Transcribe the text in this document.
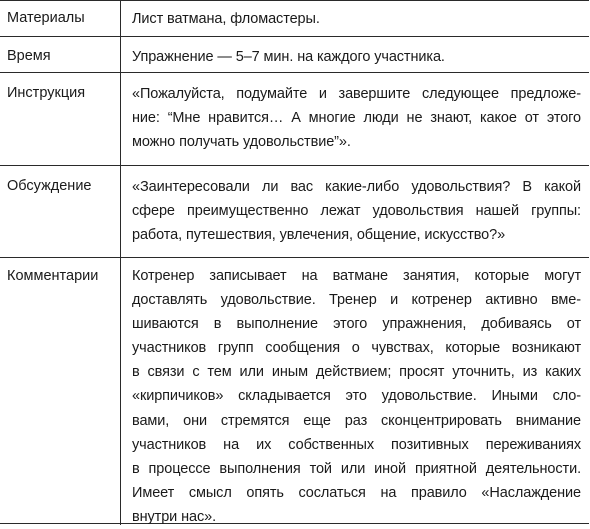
Материалы	Лист ватмана, фломастеры.
Время	Упражнение — 5–7 мин. на каждого участника.
Инструкция	«Пожалуйста, подумайте и завершите следующее предложе-
ние: “Мне нравится… А многие люди не знают, какое от этого
можно получать удовольствие”».
Обсуждение	«Заинтересовали ли вас какие-либо удовольствия? В какой
сфере преимущественно лежат удовольствия нашей группы:
работа, путешествия, увлечения, общение, искусство?»
Комментарии Котренер записывает на ватмане занятия, которые могут
доставлять удовольствие. Тренер и котренер активно вме-
шиваются в выполнение этого упражнения, добиваясь от
участников групп сообщения о чувствах, которые возникают
в связи с тем или иным действием; просят уточнить, из каких
«кирпичиков» складывается это удовольствие. Иными сло-
вами, они стремятся еще раз сконцентрировать внимание
участников на их собственных позитивных переживаниях
в процессе выполнения той или иной приятной деятельности.
Имеет смысл опять сослаться на правило «Наслаждение
внутри нас».
